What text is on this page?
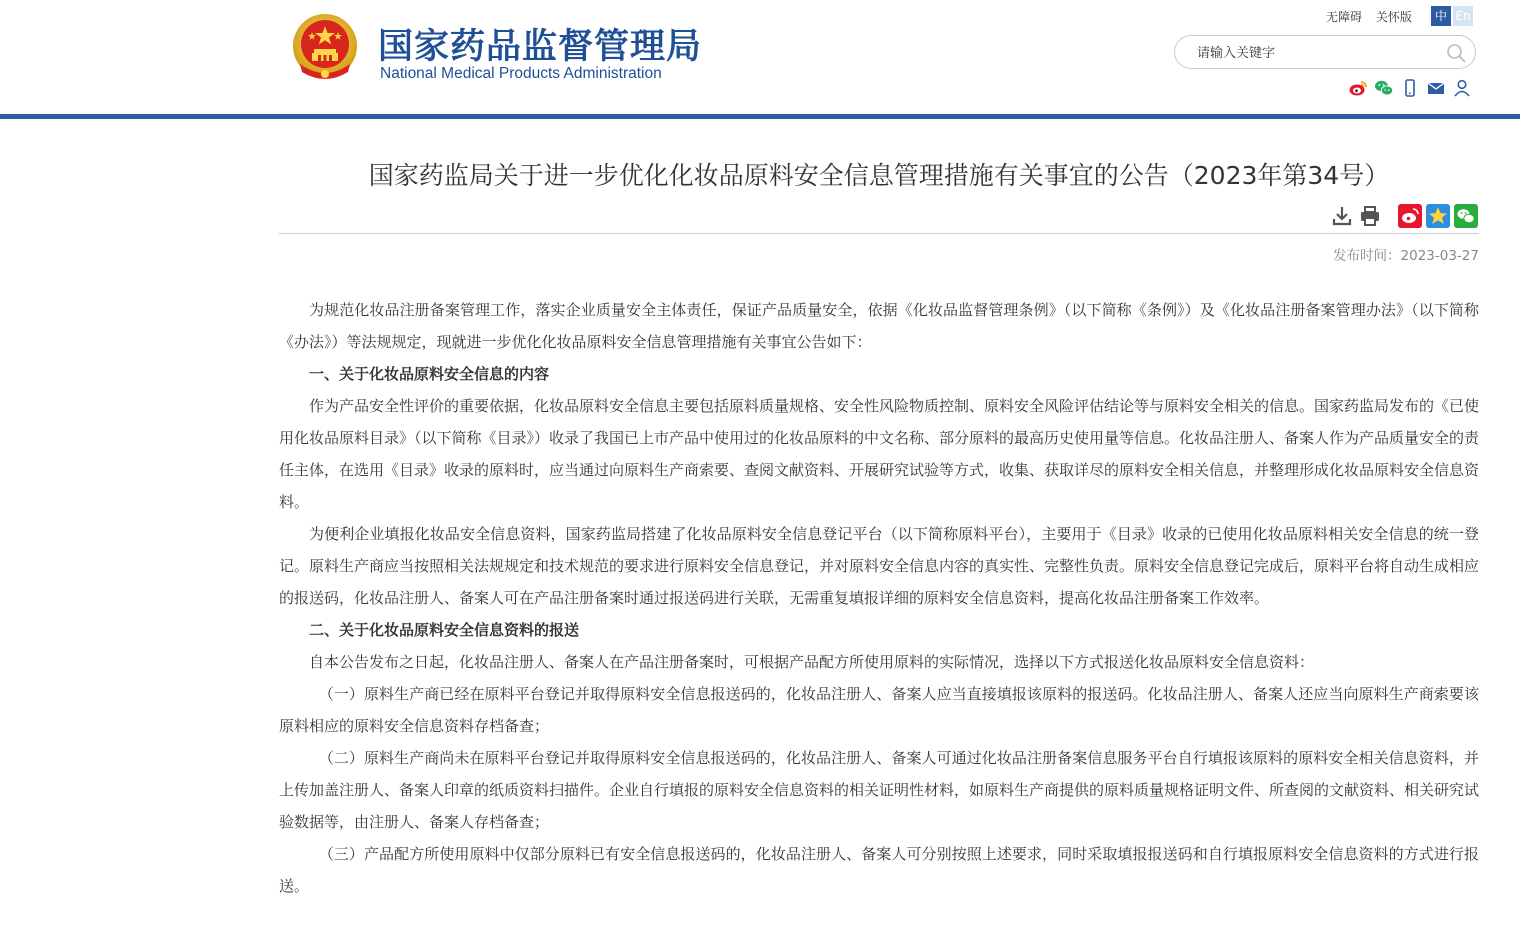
国家药品监督管理局
National Medical Products Administration
无障碍 关怀版	中 En
请输入关键字
国家药监局关于进一步优化化妆品原料安全信息管理措施有关事宜的公告（2023年第34号）
发布时间：2023-03-27

为规范化妆品注册备案管理工作，落实企业质量安全主体责任，保证产品质量安全，依据《化妆品监督管理条例》（以下简称《条例》）及《化妆品注册备案管理办法》（以下简称《办法》）等法规规定，现就进一步优化化妆品原料安全信息管理措施有关事宜公告如下：

一、关于化妆品原料安全信息的内容

作为产品安全性评价的重要依据，化妆品原料安全信息主要包括原料质量规格、安全性风险物质控制、原料安全风险评估结论等与原料安全相关的信息。国家药监局发布的《已使用化妆品原料目录》（以下简称《目录》）收录了我国已上市产品中使用过的化妆品原料的中文名称、部分原料的最高历史使用量等信息。化妆品注册人、备案人作为产品质量安全的责任主体，在选用《目录》收录的原料时，应当通过向原料生产商索要、查阅文献资料、开展研究试验等方式，收集、获取详尽的原料安全相关信息，并整理形成化妆品原料安全信息资料。

为便利企业填报化妆品安全信息资料，国家药监局搭建了化妆品原料安全信息登记平台（以下简称原料平台），主要用于《目录》收录的已使用化妆品原料相关安全信息的统一登记。原料生产商应当按照相关法规规定和技术规范的要求进行原料安全信息登记，并对原料安全信息内容的真实性、完整性负责。原料安全信息登记完成后，原料平台将自动生成相应的报送码，化妆品注册人、备案人可在产品注册备案时通过报送码进行关联，无需重复填报详细的原料安全信息资料，提高化妆品注册备案工作效率。

二、关于化妆品原料安全信息资料的报送

自本公告发布之日起，化妆品注册人、备案人在产品注册备案时，可根据产品配方所使用原料的实际情况，选择以下方式报送化妆品原料安全信息资料：

（一）原料生产商已经在原料平台登记并取得原料安全信息报送码的，化妆品注册人、备案人应当直接填报该原料的报送码。化妆品注册人、备案人还应当向原料生产商索要该原料相应的原料安全信息资料存档备查；

（二）原料生产商尚未在原料平台登记并取得原料安全信息报送码的，化妆品注册人、备案人可通过化妆品注册备案信息服务平台自行填报该原料的原料安全相关信息资料，并上传加盖注册人、备案人印章的纸质资料扫描件。企业自行填报的原料安全信息资料的相关证明性材料，如原料生产商提供的原料质量规格证明文件、所查阅的文献资料、相关研究试验数据等，由注册人、备案人存档备查；

（三）产品配方所使用原料中仅部分原料已有安全信息报送码的，化妆品注册人、备案人可分别按照上述要求，同时采取填报报送码和自行填报原料安全信息资料的方式进行报送。
